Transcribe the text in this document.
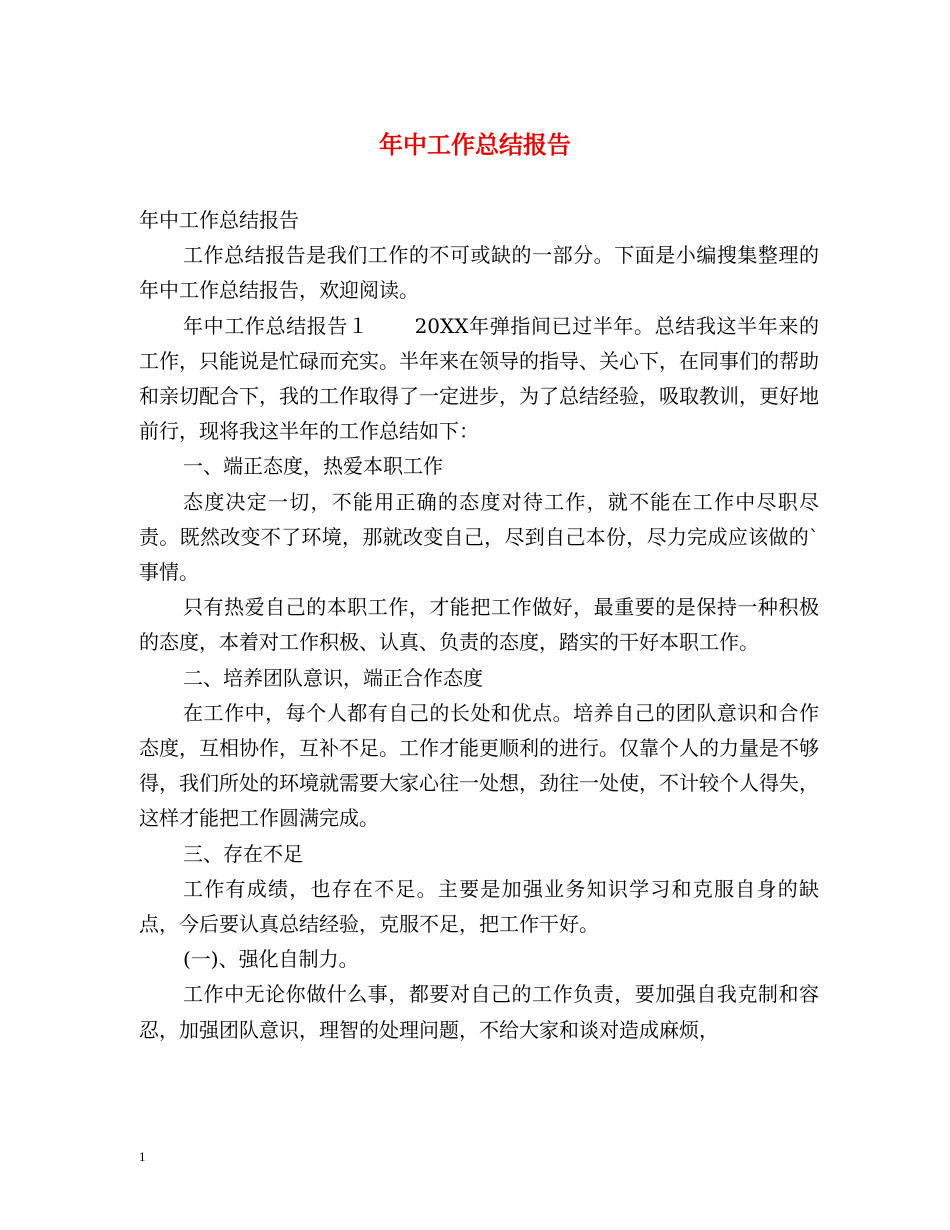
年中工作总结报告

年中工作总结报告

工作总结报告是我们工作的不可或缺的一部分。下面是小编搜集整理的年中工作总结报告，欢迎阅读。

年中工作总结报告１ 20XX年弹指间已过半年。总结我这半年来的工作，只能说是忙碌而充实。半年来在领导的指导、关心下，在同事们的帮助和亲切配合下，我的工作取得了一定进步，为了总结经验，吸取教训，更好地前行，现将我这半年的工作总结如下：

一、端正态度，热爱本职工作

态度决定一切，不能用正确的态度对待工作，就不能在工作中尽职尽责。既然改变不了环境，那就改变自己，尽到自己本份，尽力完成应该做的`事情。

只有热爱自己的本职工作，才能把工作做好，最重要的是保持一种积极的态度，本着对工作积极、认真、负责的态度，踏实的干好本职工作。

二、培养团队意识，端正合作态度

在工作中，每个人都有自己的长处和优点。培养自己的团队意识和合作态度，互相协作，互补不足。工作才能更顺利的进行。仅靠个人的力量是不够得，我们所处的环境就需要大家心往一处想，劲往一处使，不计较个人得失，这样才能把工作圆满完成。

三、存在不足

工作有成绩，也存在不足。主要是加强业务知识学习和克服自身的缺点，今后要认真总结经验，克服不足，把工作干好。

(一)、强化自制力。

工作中无论你做什么事，都要对自己的工作负责，要加强自我克制和容忍，加强团队意识，理智的处理问题，不给大家和谈对造成麻烦，

1
